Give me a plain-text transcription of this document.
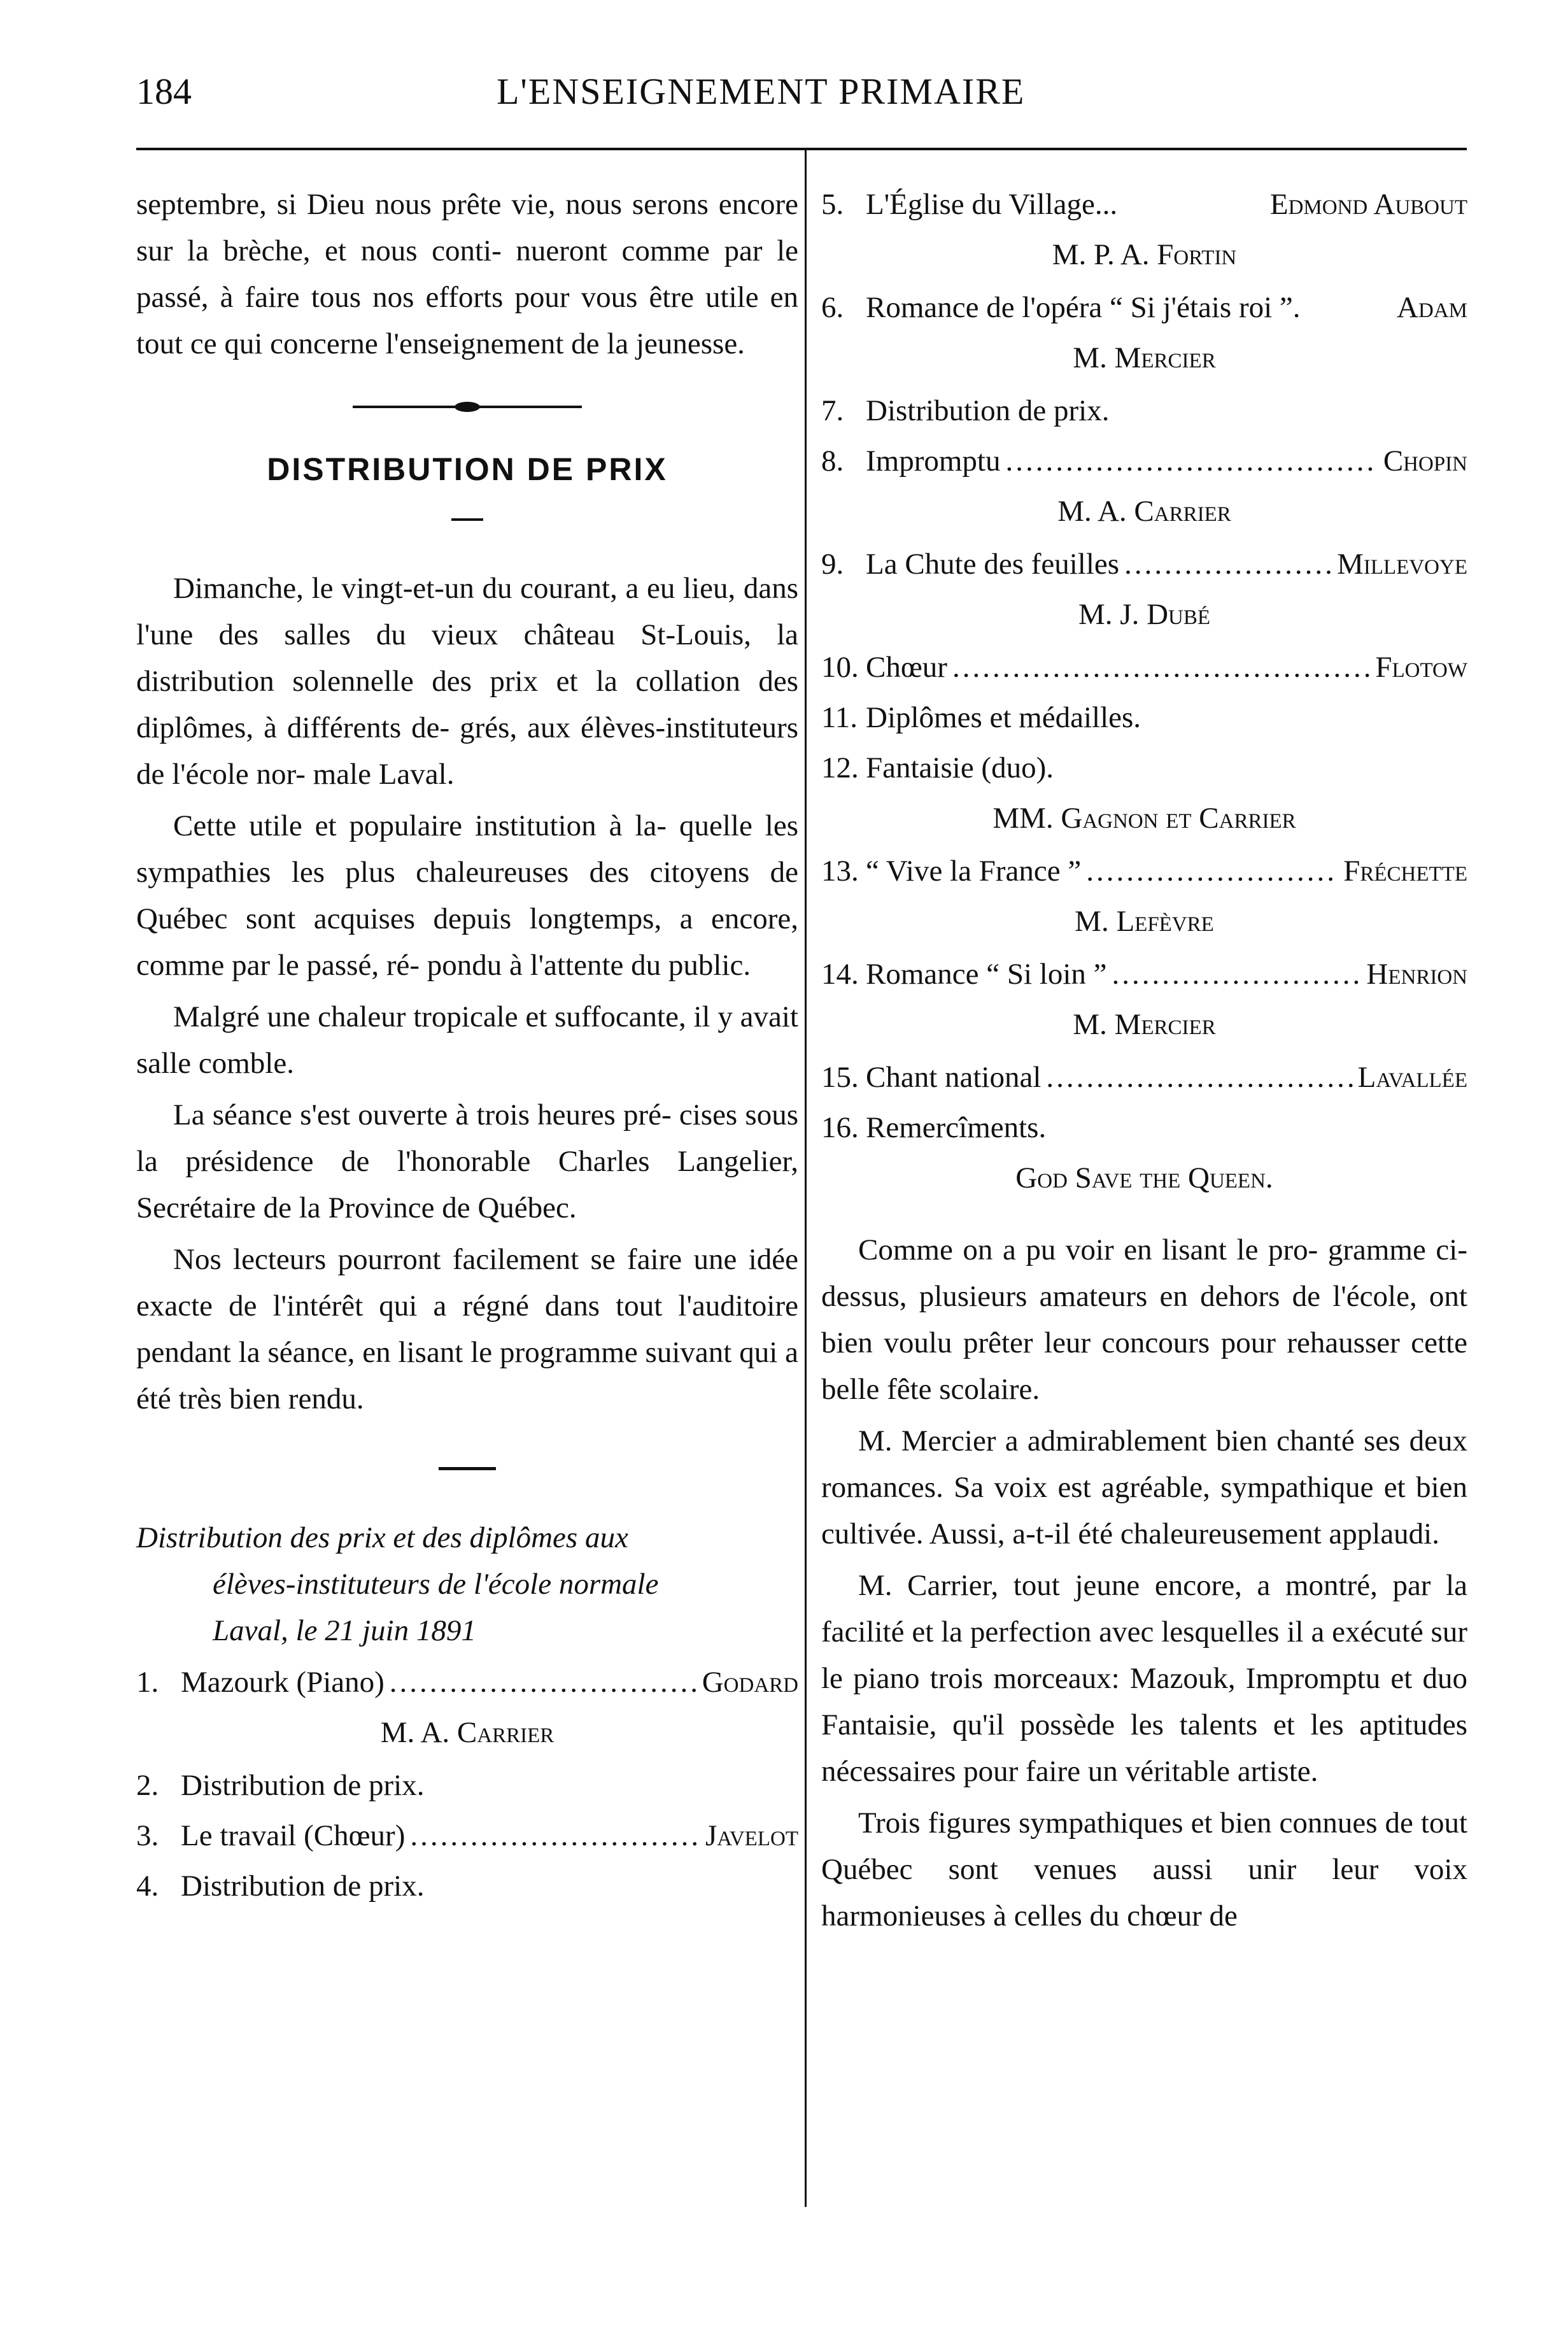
184	L'ENSEIGNEMENT PRIMAIRE

septembre, si Dieu nous prête vie, nous serons encore sur la brèche, et nous conti- nueront comme par le passé, à faire tous nos efforts pour vous être utile en tout ce qui concerne l'enseignement de la jeunesse.

DISTRIBUTION DE PRIX

Dimanche, le vingt-et-un du courant, a eu lieu, dans l'une des salles du vieux château St-Louis, la distribution solennelle des prix et la collation des diplômes, à différents de- grés, aux élèves-instituteurs de l'école nor- male Laval.

Cette utile et populaire institution à la- quelle les sympathies les plus chaleureuses des citoyens de Québec sont acquises depuis longtemps, a encore, comme par le passé, ré- pondu à l'attente du public.

Malgré une chaleur tropicale et suffocante, il y avait salle comble.

La séance s'est ouverte à trois heures pré- cises sous la présidence de l'honorable Charles Langelier, Secrétaire de la Province de Québec.

Nos lecteurs pourront facilement se faire une idée exacte de l'intérêt qui a régné dans tout l'auditoire pendant la séance, en lisant le programme suivant qui a été très bien rendu.

Distribution des prix et des diplômes aux
élèves-instituteurs de l'école normale
Laval, le 21 juin 1891

1. Mazourk (Piano) .....	Godard
M. A. Carrier
2. Distribution de prix.
3. Le travail (Chœur) .....	Javelot
4. Distribution de prix.
5. L'Église du Village...	Edmond Aubout
M. P. A. Fortin
6. Romance de l'opéra “ Si j'étais roi ”.	Adam
M. Mercier
7. Distribution de prix.
8. Impromptu .....	Chopin
M. A. Carrier
9. La Chute des feuilles .....	Millevoye
M. J. Dubé
10. Chœur .....	Flotow
11. Diplômes et médailles.
12. Fantaisie (duo).
MM. Gagnon et Carrier
13. “ Vive la France ” .....	Fréchette
M. Lefèvre
14. Romance “ Si loin ” .....	Henrion
M. Mercier
15. Chant national .....	Lavallée
16. Remercîments.
God Save the Queen.

Comme on a pu voir en lisant le pro- gramme ci-dessus, plusieurs amateurs en dehors de l'école, ont bien voulu prêter leur concours pour rehausser cette belle fête scolaire.

M. Mercier a admirablement bien chanté ses deux romances. Sa voix est agréable, sympathique et bien cultivée. Aussi, a-t-il été chaleureusement applaudi.

M. Carrier, tout jeune encore, a montré, par la facilité et la perfection avec lesquelles il a exécuté sur le piano trois morceaux: Mazouk, Impromptu et duo Fantaisie, qu'il possède les talents et les aptitudes nécessaires pour faire un véritable artiste.

Trois figures sympathiques et bien connues de tout Québec sont venues aussi unir leur voix harmonieuses à celles du chœur de
